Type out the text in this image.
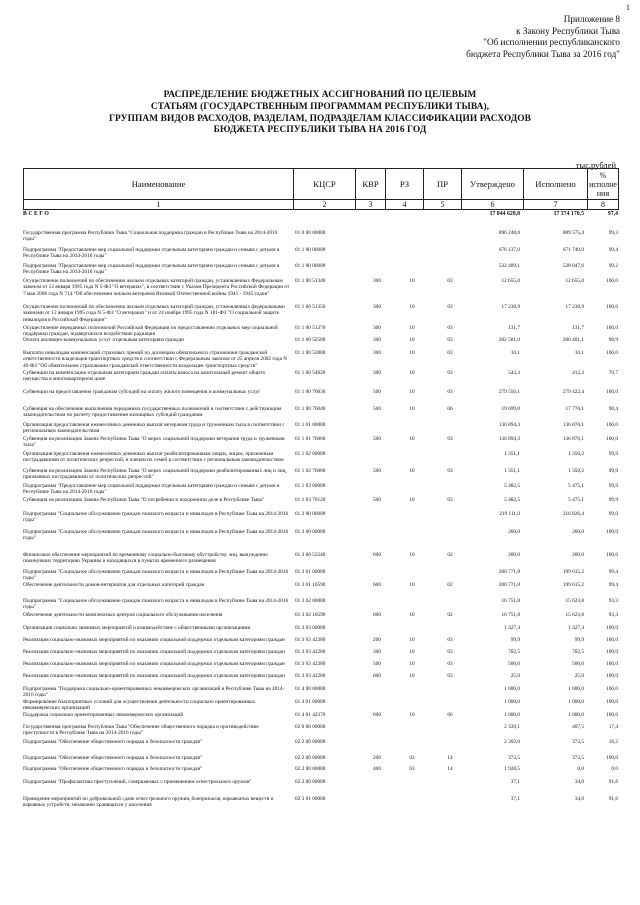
1
Приложение 8
к Закону Республики Тыва
"Об исполнении республиканского
бюджета Республики Тыва за 2016 год"
РАСПРЕДЕЛЕНИЕ БЮДЖЕТНЫХ АССИГНОВАНИЙ ПО ЦЕЛЕВЫМ
СТАТЬЯМ (ГОСУДАРСТВЕННЫМ ПРОГРАММАМ РЕСПУБЛИКИ ТЫВА),
ГРУППАМ ВИДОВ РАСХОДОВ, РАЗДЕЛАМ, ПОДРАЗДЕЛАМ КЛАССИФИКАЦИИ РАСХОДОВ
БЮДЖЕТА РЕСПУБЛИКИ ТЫВА НА 2016 ГОД
тыс.рублей
Наименование	КЦСР	КВР	РЗ	ПР	Утверждено	Исполнено	% исполне ния
1	2	3	4	5	6	7	8
В С Е Г О	17 844 629,8	17 374 170,5	97,4
Государственная программа Республики Тыва "Социальная поддержка граждан в Республике Тыва на 2014-2016 годы"
01 0 00 00000	896 248,0	889 575,4	99,3
Подпрограмма "Предоставление мер социальной поддержки отдельным категориям граждан и семьям с детьми в Республике Тыва на 2014-2016 годы"
01 1 00 00000	676 137,0	671 749,0	99,4
Подпрограмма "Предоставление мер социальной поддержки отдельным категориям граждан и семьям с детьми в Республике Тыва на 2014-2016 годы"
01 1 00 00000	532 409,1	528 047,6	99,2
Осуществление полномочий по обеспечению жильем отдельных категорий граждан, установленных Федеральным законом от 12 января 1995 года N 5-ФЗ "О ветеранах", в соответствии с Указом Президента Российской Федерации от 7 мая 2008 года N 714 "Об обеспечении жильем ветеранов Великой Отечественной войны 1941 - 1945 годов"
01 1 00 51340	300	10	03	12 655,0	12 655,0	100,0
Осуществление полномочий по обеспечению жильем отдельных категорий граждан, установленных федеральными законами от 12 января 1995 года N 5-ФЗ "О ветеранах" и от 24 ноября 1995 года N 181-ФЗ "О социальной защите инвалидов в Российской Федерации"
01 1 00 51350	300	10	03	17 238,9	17 238,9	100,0
Осуществление переданных полномочий Российской Федерации по предоставлению отдельных мер социальной поддержки граждан, подвергшихся воздействию радиации
01 1 00 51370	300	10	03	131,7	131,7	100,0
Оплата жилищно-коммунальных услуг отдельным категориям граждан	01 1 00 52500	300	10	03	202 581,0	200 401,1	98,9
Выплаты инвалидам компенсаций страховых премий по договорам обязательного страхования гражданской ответственности владельцев транспортных средств в соответствии с Федеральным законом от 25 апреля 2002 года N 40-ФЗ "Об обязательном страховании гражданской ответственности владельцев транспортных средств"
01 1 00 52800	300	10	03	10,1	10,1	100,0
Субвенции на компенсацию отдельным категориям граждан оплаты взноса на капитальный ремонт общего имущества в многоквартирном доме
01 1 00 54620	300	10	03	543,3	412,3	70,7
Субвенции на предоставление гражданам субсидий на оплату жилого помещения и коммунальных услуг	01 1 00 76030	500	10	03	279 550,1	279 422,4	100,0
Субвенция на обеспечение выполнения переданных государственных полномочий в соответствии с действующим законодательством по расчету предоставления жилищных субсидий гражданам
01 1 00 76040	500	10	06	19 699,0	17 776,1	90,4
Организация предоставления ежемесячных денежных выплат ветеранам труда и труженикам тыла в соответствии с региональным законодательством
01 1 01 00000	136 894,3	136 876,1	100,0
Субвенция на реализацию Закона Республики Тыва "О мерах социальной поддержки ветеранов труда и тружеников тыла"
01 1 01 76060	500	10	03	136 894,3	136 876,1	100,0
Организация предоставления ежемесячных денежных выплат реабилитированным лицам, лицам, признанным пострадавшими от политических репрессий, и членам их семей в соответствии с региональным законодательством
01 1 02 00000	1 351,1	1 350,2	99,9
Субвенция на реализацию Закона Республики Тыва "О мерах социальной поддержки реабилитированных лиц и лиц, признанных пострадавшими от политических репрессий"
01 1 02 76080	500	10	03	1 351,1	1 350,2	99,9
Подпрограмма "Предоставление мер социальной поддержки отдельным категориям граждан и семьям с детьми в Республике Тыва на 2014-2016 годы"
01 1 03 00000	5 482,5	5 475,1	99,9
Субвенция на реализацию Закона Республики Тыва "О погребении и похоронном деле в Республике Тыва"	01 1 03 76120	500	10	03	5 482,5	5 475,1	99,9
Подпрограмма "Социальное обслуживание граждан пожилого возраста и инвалидов в Республике Тыва на 2014-2016 годы"
01 3 00 00000	219 111,0	216 826,4	99,0
Подпрограмма "Социальное обслуживание граждан пожилого возраста и инвалидов в Республике Тыва на 2014-2016 годы"
01 3 00 00000	260,0	260,0	100,0
Финансовое обеспечение мероприятий по временному социально-бытовому обустройству лиц, вынужденно покинувших территорию Украины и находящихся в пунктах временного размещения
01 3 00 52240	600	10	02	260,0	260,0	100,0
Подпрограмма "Социальное обслуживание граждан пожилого возраста и инвалидов в Республике Тыва на 2014-2016 годы"
01 3 01 00000	200 771,8	199 615,2	99,4
Обеспечение деятельности домов-интернатов для отдельных категорий граждан	01 3 01 10590	600	10	02	200 771,8	199 615,2	99,4
Подпрограмма "Социальное обслуживание граждан пожилого возраста и инвалидов в Республике Тыва на 2014-2016 годы"
01 3 02 00000	16 751,8	15 623,8	93,3
Обеспечение деятельности комплексных центров социального обслуживания населения	01 3 02 10590	600	10	02	16 751,8	15 623,8	93,3
Организация социально значимых мероприятий и взаимодействие с общественными организациями	01 3 03 00000	1 327,4	1 327,4	100,0
Реализация социально-значимых мероприятий по оказанию социальной поддержки отдельным категориям граждан	01 3 03 42280	200	10	03	99,9	99,9	100,0
Реализация социально-значимых мероприятий по оказанию социальной поддержки отдельным категориям граждан	01 3 03 42280	300	10	03	702,5	702,5	100,0
Реализация социально-значимых мероприятий по оказанию социальной поддержки отдельным категориям граждан	01 3 03 42280	500	10	03	500,0	500,0	100,0
Реализация социально-значимых мероприятий по оказанию социальной поддержки отдельным категориям граждан	01 3 03 42280	600	10	03	25,0	25,0	100,0
Подпрограмма "Поддержка социально-ориентированных некоммерческих организаций в Республике Тыва на 2014-2016 годы"
01 4 00 00000	1 000,0	1 000,0	100,0
Формирование благоприятных условий для осуществления деятельности социально ориентированных некоммерческих организаций
01 4 01 00000	1 000,0	1 000,0	100,0
Поддержка социально ориентированных некоммерческих организаций	01 4 01 42370	600	10	06	1 000,0	1 000,0	100,0
Государственная программа Республики Тыва "Обеспечение общественного порядка и противодействие преступности в Республике Тыва на 2014-2016 годы"
02 0 00 00000	2 339,1	407,5	17,4
Подпрограмма "Обеспечение общественного порядка и безопасности граждан"	02 2 00 00000	2 302,0	373,5	16,2
Подпрограмма "Обеспечение общественного порядка и безопасности граждан"	02 2 00 00000	200	03	14	373,5	373,5	100,0
Подпрограмма "Обеспечение общественного порядка и безопасности граждан"	02 2 00 00000	400	03	14	1 928,5	0,0	0,0
Подпрограмма "Профилактика преступлений, совершаемых с применением огнестрельного оружия"	02 3 00 00000	37,1	34,0	91,6
Проведение мероприятий по добровольной сдаче огнестрельного оружия, боеприпасов, взрывчатых веществ и взрывных устройств, незаконно хранящихся у населения
02 3 01 00000	37,1	34,0	91,6
